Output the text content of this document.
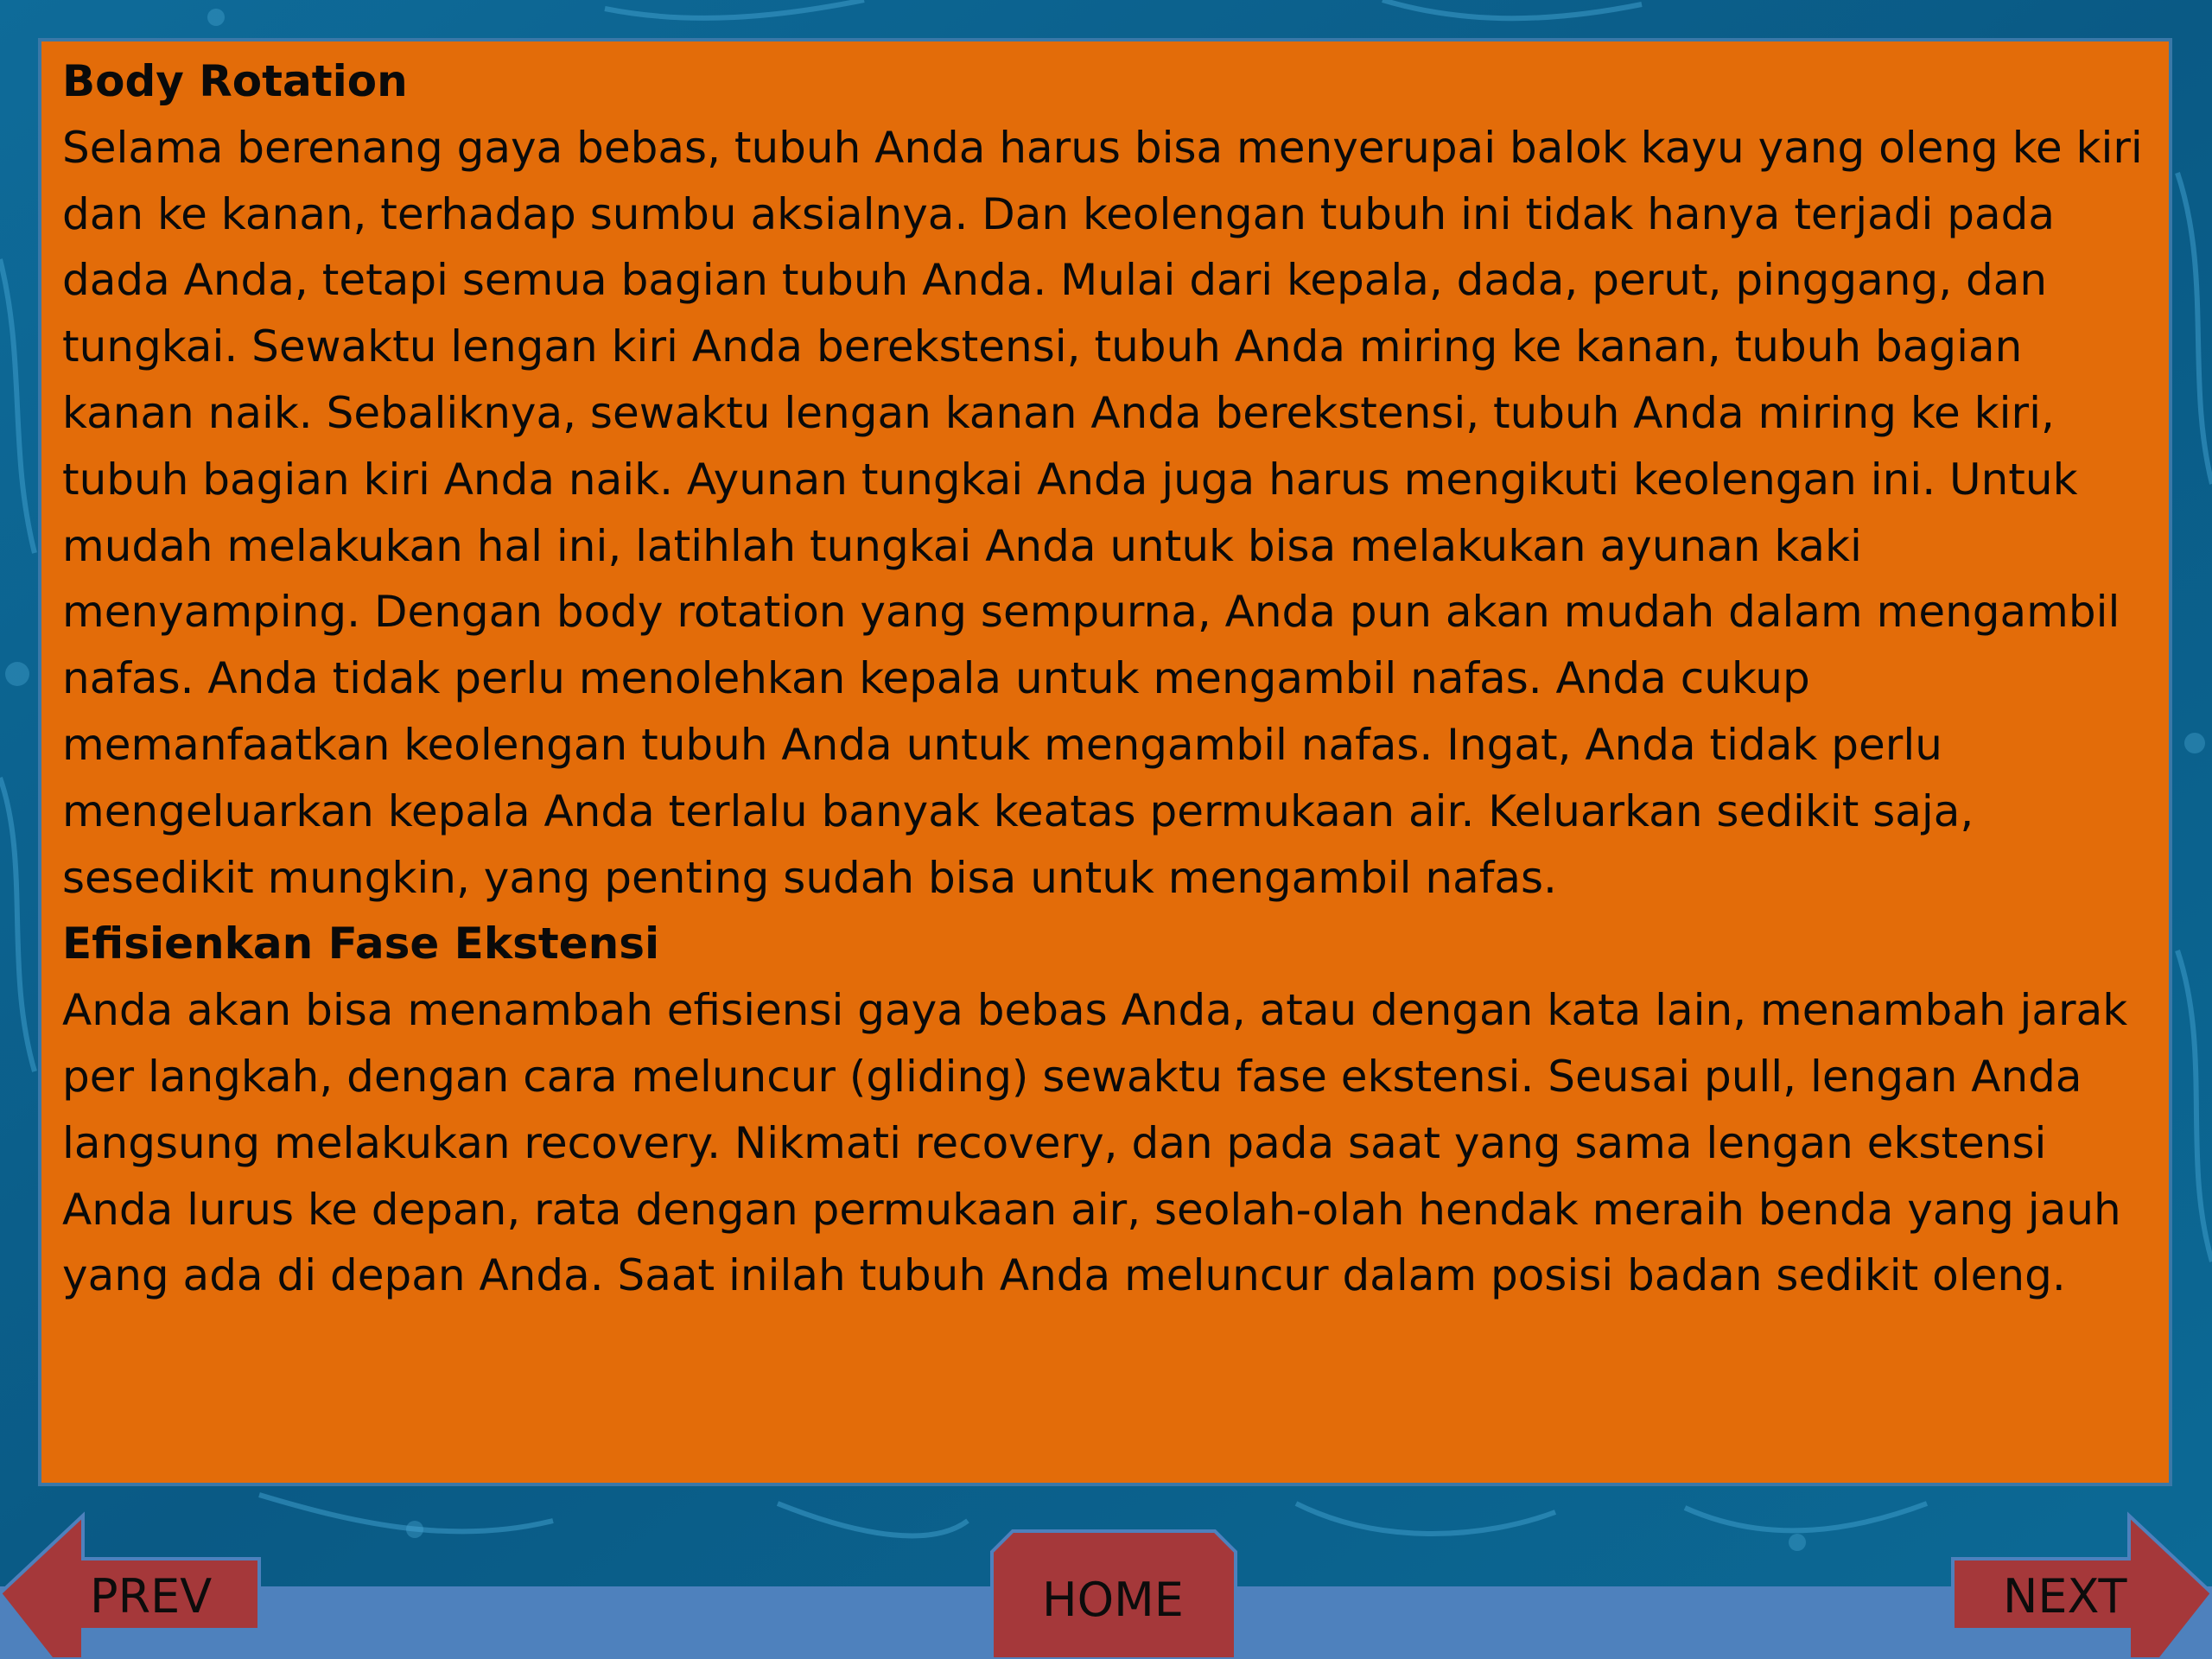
Body Rotation

Selama berenang gaya bebas, tubuh Anda harus bisa menyerupai balok kayu yang oleng ke kiri dan ke kanan, terhadap sumbu aksialnya. Dan keolengan tubuh ini tidak hanya terjadi pada dada Anda, tetapi semua bagian tubuh Anda. Mulai dari kepala, dada, perut, pinggang, dan tungkai. Sewaktu lengan kiri Anda berekstensi, tubuh Anda miring ke kanan, tubuh bagian kanan naik. Sebaliknya, sewaktu lengan kanan Anda berekstensi, tubuh Anda miring ke kiri, tubuh bagian kiri Anda naik. Ayunan tungkai Anda juga harus mengikuti keolengan ini. Untuk mudah melakukan hal ini, latihlah tungkai Anda untuk bisa melakukan ayunan kaki menyamping. Dengan body rotation yang sempurna, Anda pun akan mudah dalam mengambil nafas. Anda tidak perlu menolehkan kepala untuk mengambil nafas. Anda cukup memanfaatkan keolengan tubuh Anda untuk mengambil nafas. Ingat, Anda tidak perlu mengeluarkan kepala Anda terlalu banyak keatas permukaan air. Keluarkan sedikit saja, sesedikit mungkin, yang penting sudah bisa untuk mengambil nafas.

Efisienkan Fase Ekstensi

Anda akan bisa menambah efisiensi gaya bebas Anda, atau dengan kata lain, menambah jarak per langkah, dengan cara meluncur (gliding) sewaktu fase ekstensi. Seusai pull, lengan Anda langsung melakukan recovery. Nikmati recovery, dan pada saat yang sama lengan ekstensi Anda lurus ke depan, rata dengan permukaan air, seolah-olah hendak meraih benda yang jauh yang ada di depan Anda. Saat inilah tubuh Anda meluncur dalam posisi badan sedikit oleng.

PREV	HOME	NEXT
